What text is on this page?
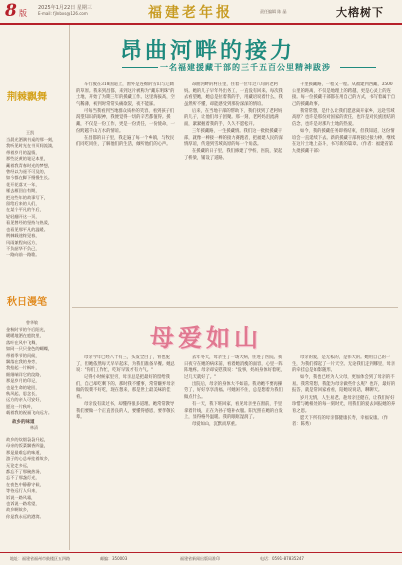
8 版
2025年1月22日 星期三
E-mail: fjlnbxs@126.com	福建老年报	责任编辑 陈 晶	大榕树下
荆棘飘舞
王凯
当晨光洒满书桌的那一刻，
我听见时光在书页间流淌，
带着岁月的温情，
那些泛黄的笔记本里，
藏着我青春时光的梦想，
曾经以为遥不可及的，
如今都在脚下慢慢生长。
花开花落又一年，
雁去雁回自有期，
把这些年的故事写下，
留给后来的人们，
在某个平凡的午后，
轻轻翻开这一页，
看见曾经的坚持与热爱，
也看见那平凡的温暖。
荆棘载途终见春，
风雨兼程向远方，
不负韶华不负己，
一路向前一路歌。
秋日漫笔
曾华敏
金秋时节的午后阳光，
暖暖地洒在庭院里，
落叶在风中飞舞，
如同一只只金色的蝴蝶，
带着季节的问候，
飘落在我的身旁，
我拾起一片枫叶，
细细端详它的纹路，
那是岁月的印记，
也是生命的轮回，
秋风起，思念长，
远方的亲人可安好，
愿这一片秋叶，
载着我的祝福飞向远方。
故乡的味道
林清
故乡的炊烟袅袅升起，
母亲的饭菜飘香四溢，
那是最难忘的味道，
游子的心总牵挂着故乡，
无论走多远，
都忘不了那碗热汤，
忘不了那盏灯光，
在夜色中静静守候，
等待远行人归来，
诉说一路风霜，
也诉说一路希望，
故乡啊故乡，
你是我永远的港湾。
昂曲河畔的接力
一名福建援藏干部的三千五百公里精神跋涉

车行驶在318国道上，窗外是连绵的雪山与辽阔的草原。我来到昌都，来到这片被称为"藏东明珠"的土地，开始了为期三年的援藏工作。这里海拔高，空气稀薄，初到时常常头痛欲裂，夜不能寐。

可每当我看到当地群众质朴的笑容，看到孩子们渴望知识的眼神，我便觉得一切的辛苦都值得。援藏，不仅是一份工作，更是一份责任，一份使命，一份跨越千山万水的情谊。

在昌都的日子里，我走遍了每一个乡镇，与牧民们同吃同住，了解他们的生活，倾听他们的心声。

昂曲河畔的村庄里，住着一位年过八旬的老阿妈。她的儿子早年外出务工，一直没有回来。每次我去看望她，她总是拉着我的手，用藏语说着什么，我虽然听不懂，却能感受到那份深深的情谊。

后来，在当地干部的帮助下，我们找到了老阿妈的儿子，让他们母子团聚。那一刻，老阿妈泪流满面，紧紧握着我的手，久久不愿松开。

三年援藏路，一生援藏情。我们这一批批援藏干部，就像一棒接一棒的接力赛跑者，把福建人民的深情厚谊，传递到雪域高原的每一个角落。

在援藏的日子里，我们修建了学校、医院，架起了桥梁，铺设了道路。

千里援藏路，一程又一程。从福建到西藏，3500公里的距离，不仅是地理上的跨越，更是心灵上的连接。每一位援藏干部都在用自己的方式，书写着属于自己的援藏故事。

我常常想，是什么让我们愿意离开家乡，远赴雪域高原？也许是那份对国家的责任，也许是对民族团结的信念，也许是对那片土地的热爱。

如今，我的援藏任务即将结束，但我知道，这份情谊会一直延续下去。新的援藏干部将接过接力棒，继续在这片土地上奋斗，书写新的篇章。（作者：福建省第九批援藏干部）

母爱如山

母亲今年已经八十有三，头发全白了，背也驼了，但她依然每天早早起床，为我们准备早餐。她总说："你们工作忙，吃好早饭才有力气。"

记得小时候家里穷，母亲总是把最好的留给我们，自己却吃剩下的。那时我不懂事，常常嫌弃母亲做的饭菜不好吃，现在想来，那是世上最美味的佳肴。

母亲没有读过书，却懂得很多道理。她常常教导我们要做一个正直善良的人，要懂得感恩，要孝敬长辈。

去年冬天，母亲生了一场大病，住进了医院。我日夜守在她的病床前，看着她消瘦的面容，心里一阵阵地疼。母亲却安慰我说："没事，妈妈身体好着呢，过几天就好了。"

出院后，母亲的身体大不如前。我劝她不要再操劳了，好好享享清福。可她闲不住，总是想着为我们做点什么。

有一天，我下班回家，看见母亲坐在窗前，手里拿着针线，正在为孙子缝补衣服。阳光照在她的白发上，显得格外温暖。我的眼眶湿润了。

母爱如山，沉默而厚重。

母亲的爱，是无私的，是伟大的。她用自己的一生，为我们撑起了一片天空。无论我们走到哪里，母亲的牵挂总是如影随形。

如今，我也已经为人父母，更加体会到了母亲的不易。我常常想，我能为母亲做些什么呢？也许，最好的报答，就是常回家看看，陪她说说话，聊聊天。

岁月无情，人生易老。趁母亲还健在，让我们好好珍惜与她相处的每一刻时光，用我们的爱去回报她的养育之恩。

愿天下所有的母亲都健康长寿，幸福安康。（作者：陈秀）

地址：福建省福州市鼓楼区五四路	邮编：350003	福建省新闻出版局准印	电话：0591-87835247
